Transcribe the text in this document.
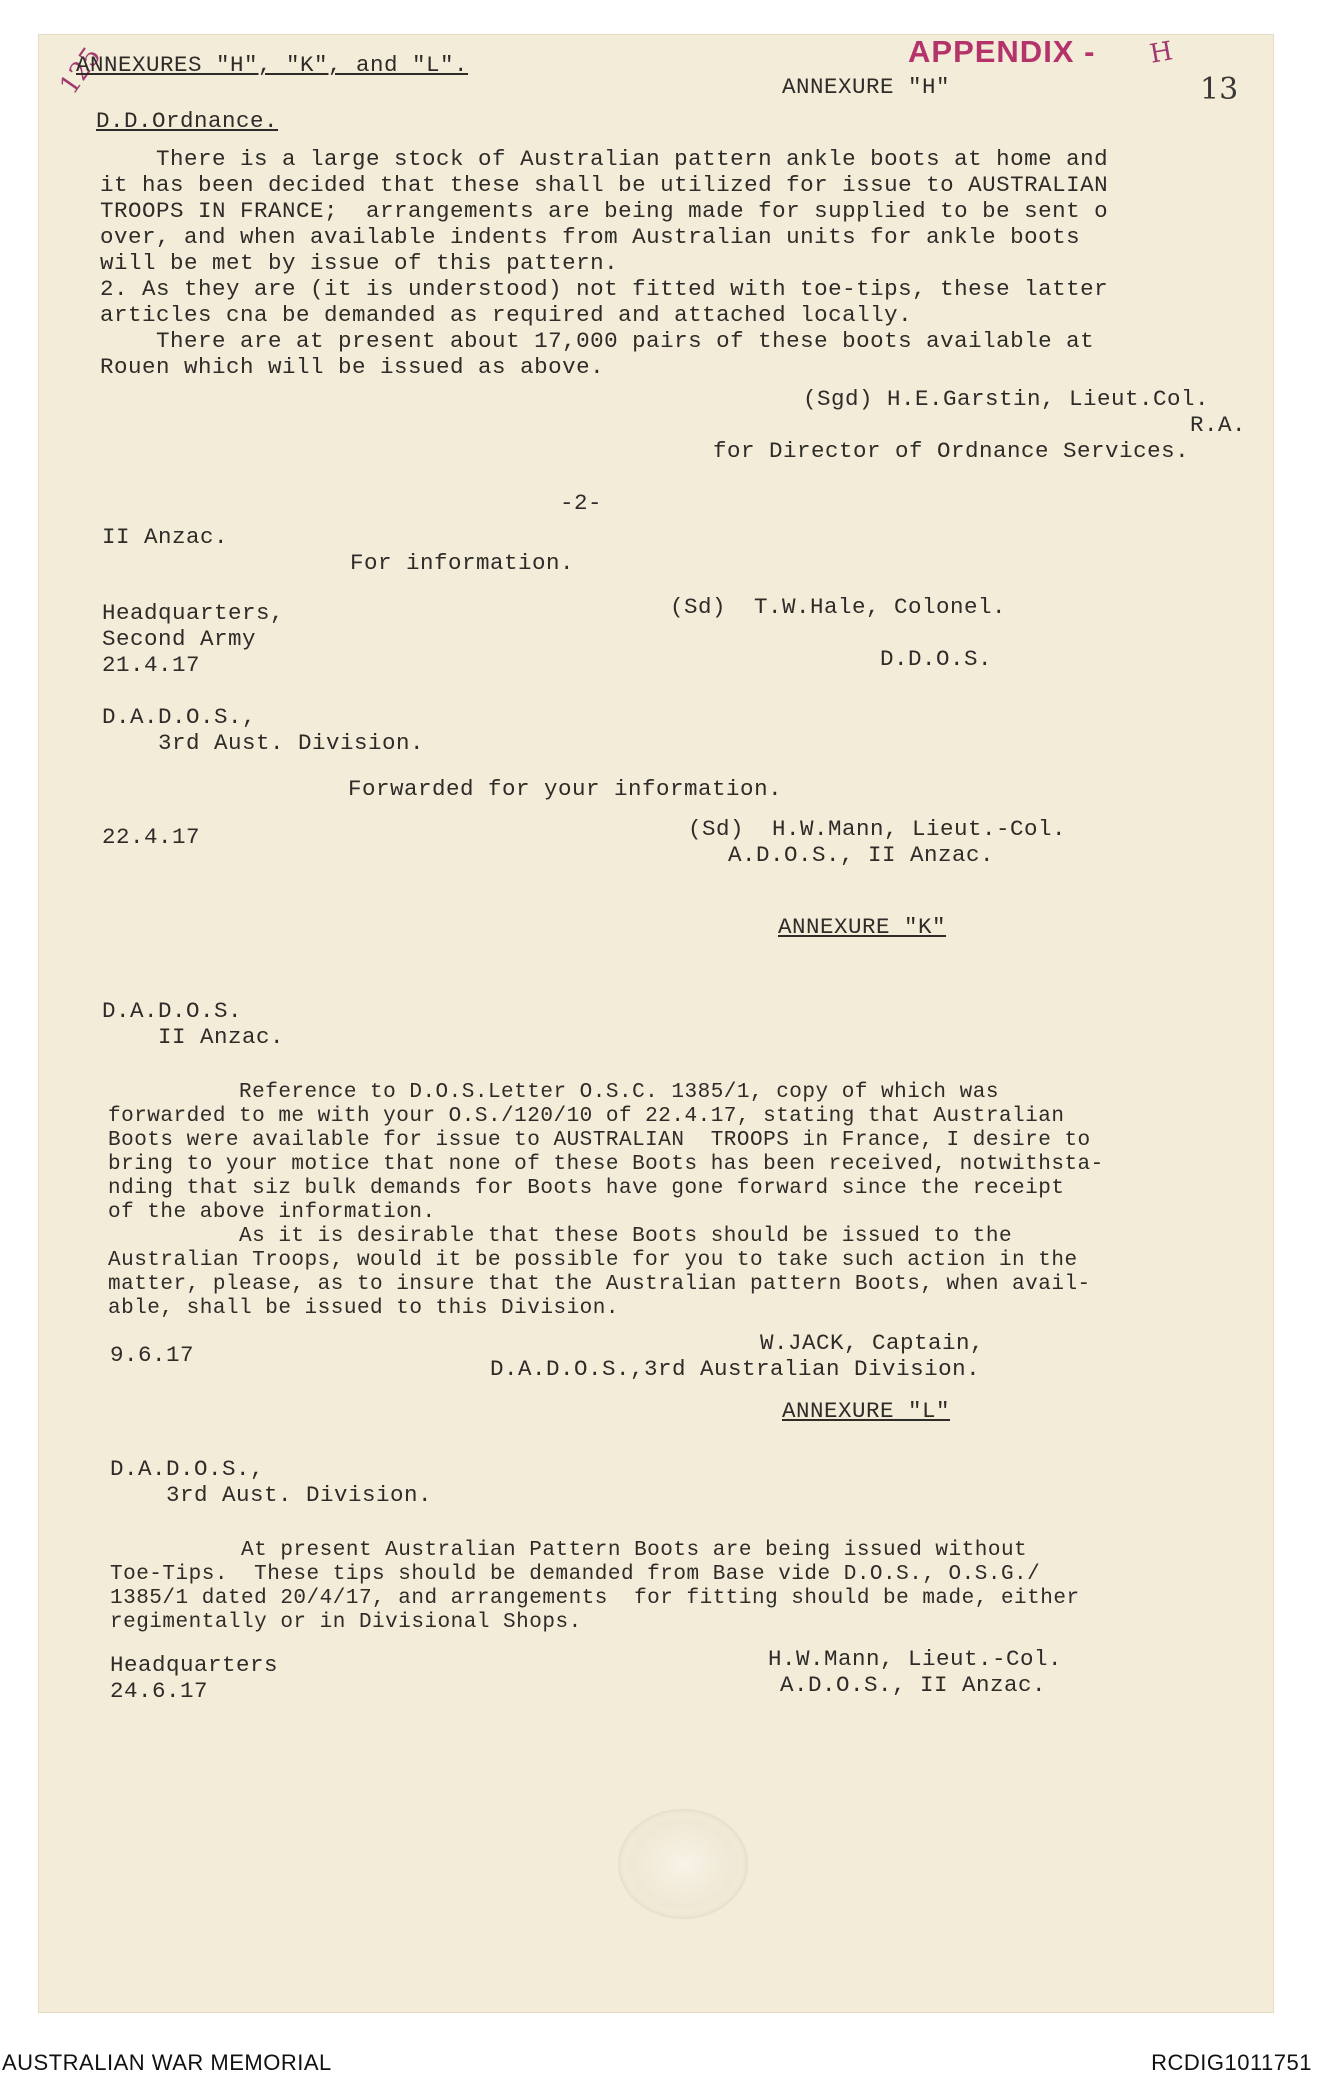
125	APPENDIX - H
13
ANNEXURES "H", "K", and "L".
ANNEXURE "H"
D.D.Ordnance.
There is a large stock of Australian pattern ankle boots at home and
it has been decided that these shall be utilized for issue to AUSTRALIAN
TROOPS IN FRANCE;  arrangements are being made for supplied to be sent o
over, and when available indents from Australian units for ankle boots
will be met by issue of this pattern.
2. As they are (it is understood) not fitted with toe-tips, these latter
articles cna be demanded as required and attached locally.
There are at present about 17,000 pairs of these boots available at
Rouen which will be issued as above.
(Sgd) H.E.Garstin, Lieut.Col.
R.A.
for Director of Ordnance Services.
-2-
II Anzac.
For information.
Headquarters,
Second Army
21.4.17
(Sd)  T.W.Hale, Colonel.
D.D.O.S.
D.A.D.O.S.,
3rd Aust. Division.
Forwarded for your information.
22.4.17	(Sd)  H.W.Mann, Lieut.-Col.
A.D.O.S., II Anzac.
ANNEXURE "K"
D.A.D.O.S.
II Anzac.
Reference to D.O.S.Letter O.S.C. 1385/1, copy of which was
forwarded to me with your O.S./120/10 of 22.4.17, stating that Australian
Boots were available for issue to AUSTRALIAN  TROOPS in France, I desire to
bring to your motice that none of these Boots has been received, notwithsta-
nding that siz bulk demands for Boots have gone forward since the receipt
of the above information.
As it is desirable that these Boots should be issued to the
Australian Troops, would it be possible for you to take such action in the
matter, please, as to insure that the Australian pattern Boots, when avail-
able, shall be issued to this Division.
9.6.17	W.JACK, Captain,
D.A.D.O.S.,3rd Australian Division.
ANNEXURE "L"
D.A.D.O.S.,
3rd Aust. Division.
At present Australian Pattern Boots are being issued without
Toe-Tips.  These tips should be demanded from Base vide D.O.S., O.S.G./
1385/1 dated 20/4/17, and arrangements  for fitting should be made, either
regimentally or in Divisional Shops.
Headquarters
24.6.17
H.W.Mann, Lieut.-Col.
A.D.O.S., II Anzac.
AUSTRALIAN WAR MEMORIAL	RCDIG1011751
